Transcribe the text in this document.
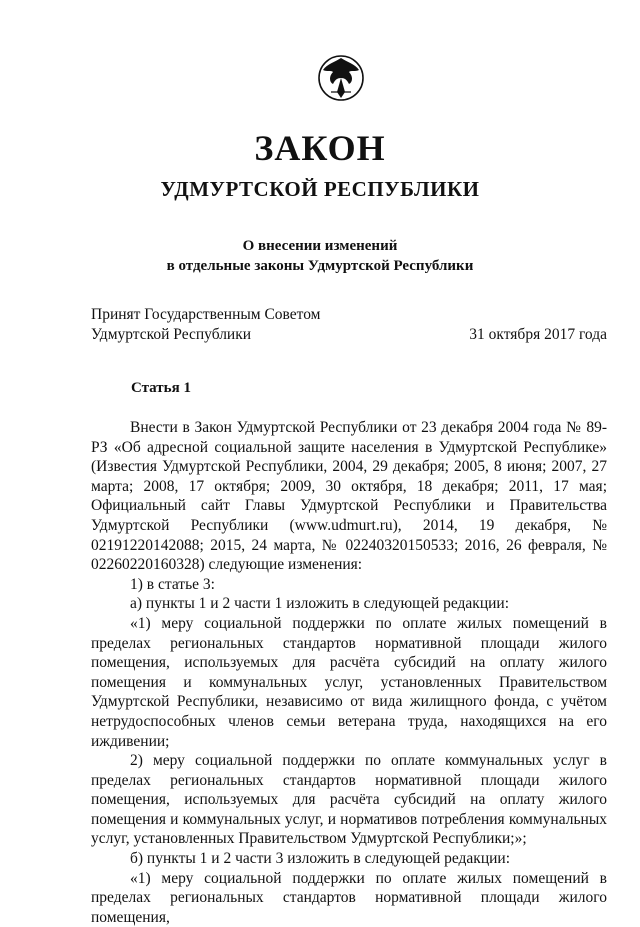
ЗАКОН
УДМУРТСКОЙ РЕСПУБЛИКИ
О внесении изменений
в отдельные законы Удмуртской Республики
Принят Государственным Советом
Удмуртской Республики	31 октября 2017 года
Статья 1

Внести в Закон Удмуртской Республики от 23 декабря 2004 года № 89-РЗ «Об адресной социальной защите населения в Удмуртской Республике» (Известия Удмуртской Республики, 2004, 29 декабря; 2005, 8 июня; 2007, 27 марта; 2008, 17 октября; 2009, 30 октября, 18 декабря; 2011, 17 мая; Официальный сайт Главы Удмуртской Республики и Правительства Удмуртской Республики (www.udmurt.ru), 2014, 19 декабря, № 02191220142088; 2015, 24 марта, № 02240320150533; 2016, 26 февраля, № 02260220160328) следующие изменения:

1) в статье 3:

а) пункты 1 и 2 части 1 изложить в следующей редакции:

«1) меру социальной поддержки по оплате жилых помещений в пределах региональных стандартов нормативной площади жилого помещения, используемых для расчёта субсидий на оплату жилого помещения и коммунальных услуг, установленных Правительством Удмуртской Республики, независимо от вида жилищного фонда, с учётом нетрудоспособных членов семьи ветерана труда, находящихся на его иждивении;

2) меру социальной поддержки по оплате коммунальных услуг в пределах региональных стандартов нормативной площади жилого помещения, используемых для расчёта субсидий на оплату жилого помещения и коммунальных услуг, и нормативов потребления коммунальных услуг, установленных Правительством Удмуртской Республики;»;

б) пункты 1 и 2 части 3 изложить в следующей редакции:

«1) меру социальной поддержки по оплате жилых помещений в пределах региональных стандартов нормативной площади жилого помещения,
